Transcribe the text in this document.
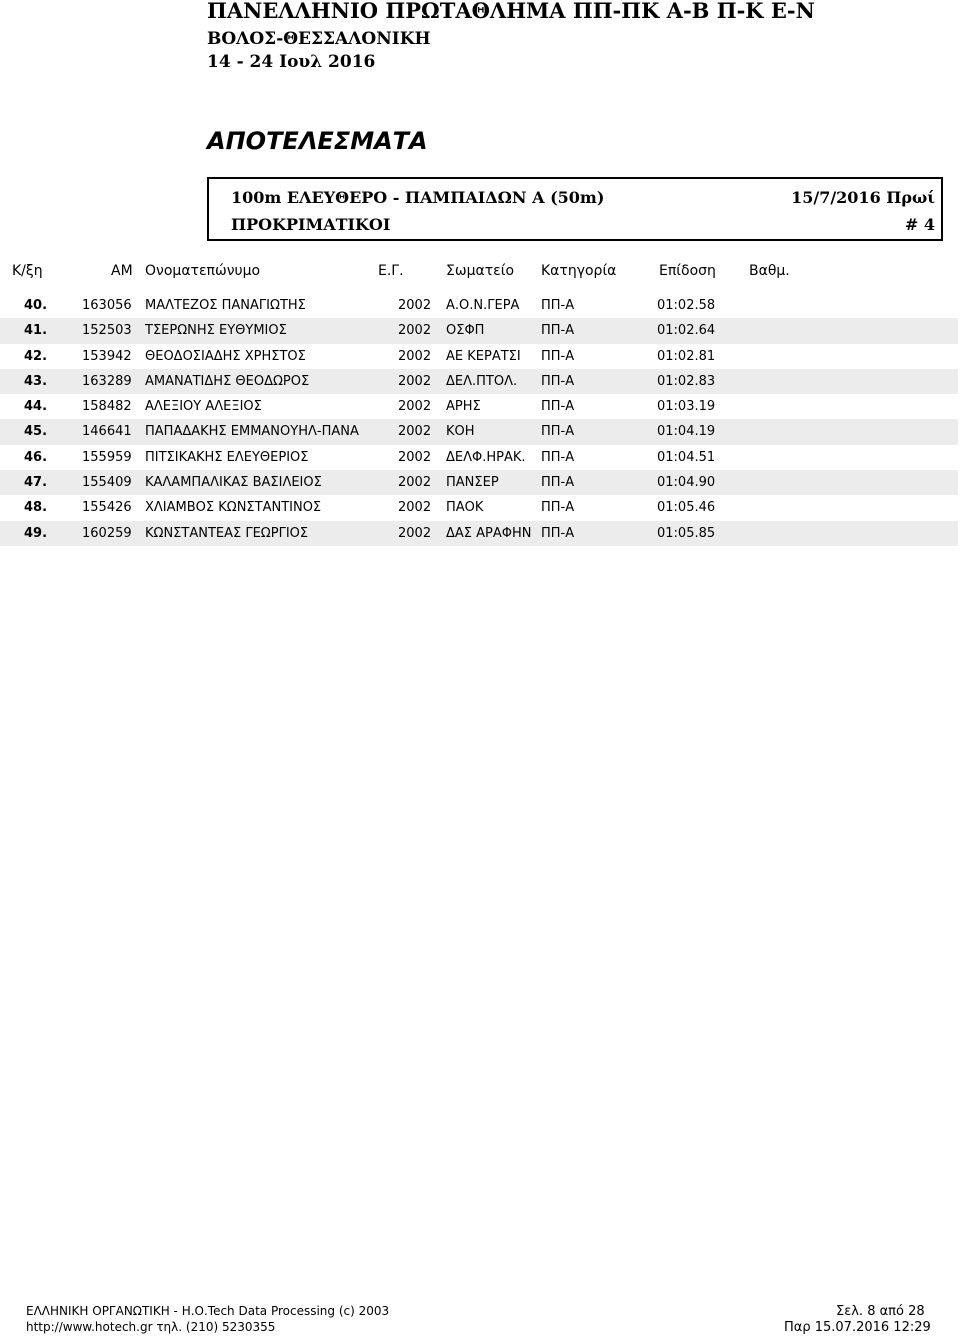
ΠΑΝΕΛΛΗΝΙΟ ΠΡΩΤΑΘΛΗΜΑ ΠΠ-ΠΚ Α-Β Π-Κ Ε-Ν
ΒΟΛΟΣ-ΘΕΣΣΑΛΟΝΙΚΗ
14 - 24 Ιουλ 2016
ΑΠΟΤΕΛΕΣΜΑΤΑ
100m ΕΛΕΥΘΕΡΟ - ΠΑΜΠΑΙΔΩΝ Α (50m)	15/7/2016 Πρωί
ΠΡΟΚΡΙΜΑΤΙΚΟΙ	# 4
Κ/ξη	ΑΜ Ονοματεπώνυμο	Ε.Γ.	Σωματείο Κατηγορία	Επίδοση Βαθμ.
40.	163056 ΜΑΛΤΕΖΟΣ ΠΑΝΑΓΙΩΤΗΣ	2002 Α.Ο.Ν.ΓΕΡΑ ΠΠ-Α	01:02.58
41.	152503 ΤΣΕΡΩΝΗΣ ΕΥΘΥΜΙΟΣ	2002 ΟΣΦΠ	ΠΠ-Α	01:02.64
42.	153942 ΘΕΟΔΟΣΙΑΔΗΣ ΧΡΗΣΤΟΣ	2002 ΑΕ ΚΕΡΑΤΣΙ ΠΠ-Α	01:02.81
43.	163289 ΑΜΑΝΑΤΙΔΗΣ ΘΕΟΔΩΡΟΣ	2002 ΔΕΛ.ΠΤΟΛ. ΠΠ-Α	01:02.83
44.	158482 ΑΛΕΞΙΟΥ ΑΛΕΞΙΟΣ	2002 ΑΡΗΣ	ΠΠ-Α	01:03.19
45.	146641 ΠΑΠΑΔΑΚΗΣ ΕΜΜΑΝΟΥΗΛ-ΠΑΝΑ	2002 ΚΟΗ	ΠΠ-Α	01:04.19
46.	155959 ΠΙΤΣΙΚΑΚΗΣ ΕΛΕΥΘΕΡΙΟΣ	2002 ΔΕΛΦ.ΗΡΑΚ. ΠΠ-Α	01:04.51
47.	155409 ΚΑΛΑΜΠΑΛΙΚΑΣ ΒΑΣΙΛΕΙΟΣ	2002 ΠΑΝΣΕΡ	ΠΠ-Α	01:04.90
48.	155426 ΧΛΙΑΜΒΟΣ ΚΩΝΣΤΑΝΤΙΝΟΣ	2002 ΠΑΟΚ	ΠΠ-Α	01:05.46
49.	160259 ΚΩΝΣΤΑΝΤΕΑΣ ΓΕΩΡΓΙΟΣ	2002 ΔΑΣ ΑΡΑΦΗΝ ΠΠ-Α	01:05.85
ΕΛΛΗΝΙΚΗ ΟΡΓΑΝΩΤΙΚΗ - Η.Ο.Tech Data Processing (c) 2003
http://www.hotech.gr τηλ. (210) 5230355
Σελ. 8 από 28
Παρ 15.07.2016 12:29
